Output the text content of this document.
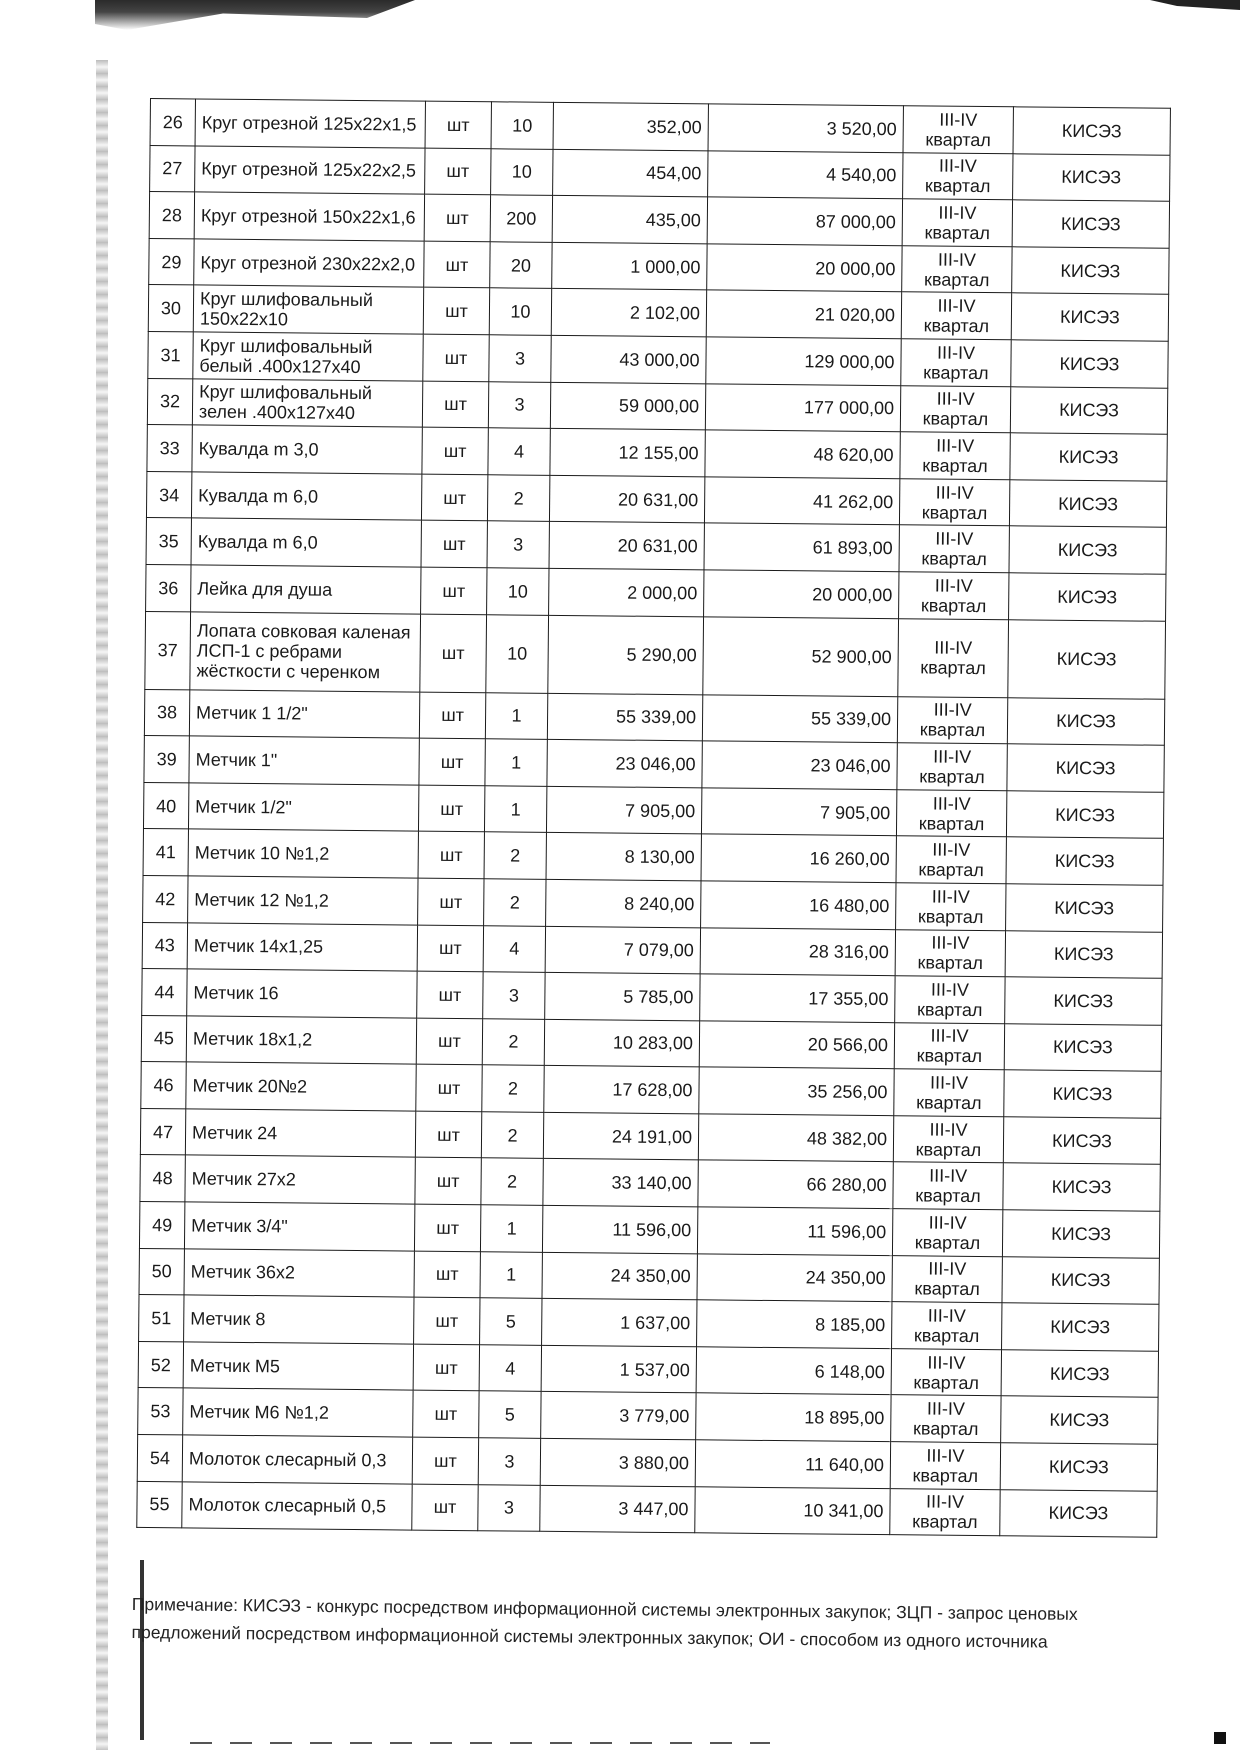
26	Круг отрезной 125x22x1,5	шт	10	352,00	3 520,00	III-IV квартал	КИСЭЗ
27	Круг отрезной 125x22x2,5	шт	10	454,00	4 540,00	III-IV квартал	КИСЭЗ
28	Круг отрезной 150x22x1,6	шт	200	435,00	87 000,00	III-IV квартал	КИСЭЗ
29	Круг отрезной 230x22x2,0	шт	20	1 000,00	20 000,00	III-IV квартал	КИСЭЗ
30	Круг шлифовальный 150x22x10	шт	10	2 102,00	21 020,00	III-IV квартал	КИСЭЗ
31	Круг шлифовальный белый .400x127x40	шт	3	43 000,00	129 000,00	III-IV квартал	КИСЭЗ
32	Круг шлифовальный зелен .400x127x40	шт	3	59 000,00	177 000,00	III-IV квартал	КИСЭЗ
33	Кувалда m 3,0	шт	4	12 155,00	48 620,00	III-IV квартал	КИСЭЗ
34	Кувалда m 6,0	шт	2	20 631,00	41 262,00	III-IV квартал	КИСЭЗ
35	Кувалда m 6,0	шт	3	20 631,00	61 893,00	III-IV квартал	КИСЭЗ
36	Лейка для душа	шт	10	2 000,00	20 000,00	III-IV квартал	КИСЭЗ
37	Лопата совковая каленая ЛСП-1 с ребрами жёсткости с черенком	шт	10	5 290,00	52 900,00	III-IV квартал	КИСЭЗ
38	Метчик 1 1/2"	шт	1	55 339,00	55 339,00	III-IV квартал	КИСЭЗ
39	Метчик 1"	шт	1	23 046,00	23 046,00	III-IV квартал	КИСЭЗ
40	Метчик 1/2"	шт	1	7 905,00	7 905,00	III-IV квартал	КИСЭЗ
41	Метчик 10 №1,2	шт	2	8 130,00	16 260,00	III-IV квартал	КИСЭЗ
42	Метчик 12 №1,2	шт	2	8 240,00	16 480,00	III-IV квартал	КИСЭЗ
43	Метчик 14x1,25	шт	4	7 079,00	28 316,00	III-IV квартал	КИСЭЗ
44	Метчик 16	шт	3	5 785,00	17 355,00	III-IV квартал	КИСЭЗ
45	Метчик 18x1,2	шт	2	10 283,00	20 566,00	III-IV квартал	КИСЭЗ
46	Метчик 20№2	шт	2	17 628,00	35 256,00	III-IV квартал	КИСЭЗ
47	Метчик 24	шт	2	24 191,00	48 382,00	III-IV квартал	КИСЭЗ
48	Метчик 27x2	шт	2	33 140,00	66 280,00	III-IV квартал	КИСЭЗ
49	Метчик 3/4"	шт	1	11 596,00	11 596,00	III-IV квартал	КИСЭЗ
50	Метчик 36x2	шт	1	24 350,00	24 350,00	III-IV квартал	КИСЭЗ
51	Метчик 8	шт	5	1 637,00	8 185,00	III-IV квартал	КИСЭЗ
52	Метчик М5	шт	4	1 537,00	6 148,00	III-IV квартал	КИСЭЗ
53	Метчик М6 №1,2	шт	5	3 779,00	18 895,00	III-IV квартал	КИСЭЗ
54	Молоток слесарный 0,3	шт	3	3 880,00	11 640,00	III-IV квартал	КИСЭЗ
55	Молоток слесарный 0,5	шт	3	3 447,00	10 341,00	III-IV квартал	КИСЭЗ
Примечание: КИСЭЗ - конкурс посредством информационной системы электронных закупок; ЗЦП - запрос ценовых предложений посредством информационной системы электронных закупок; ОИ - способом из одного источника
